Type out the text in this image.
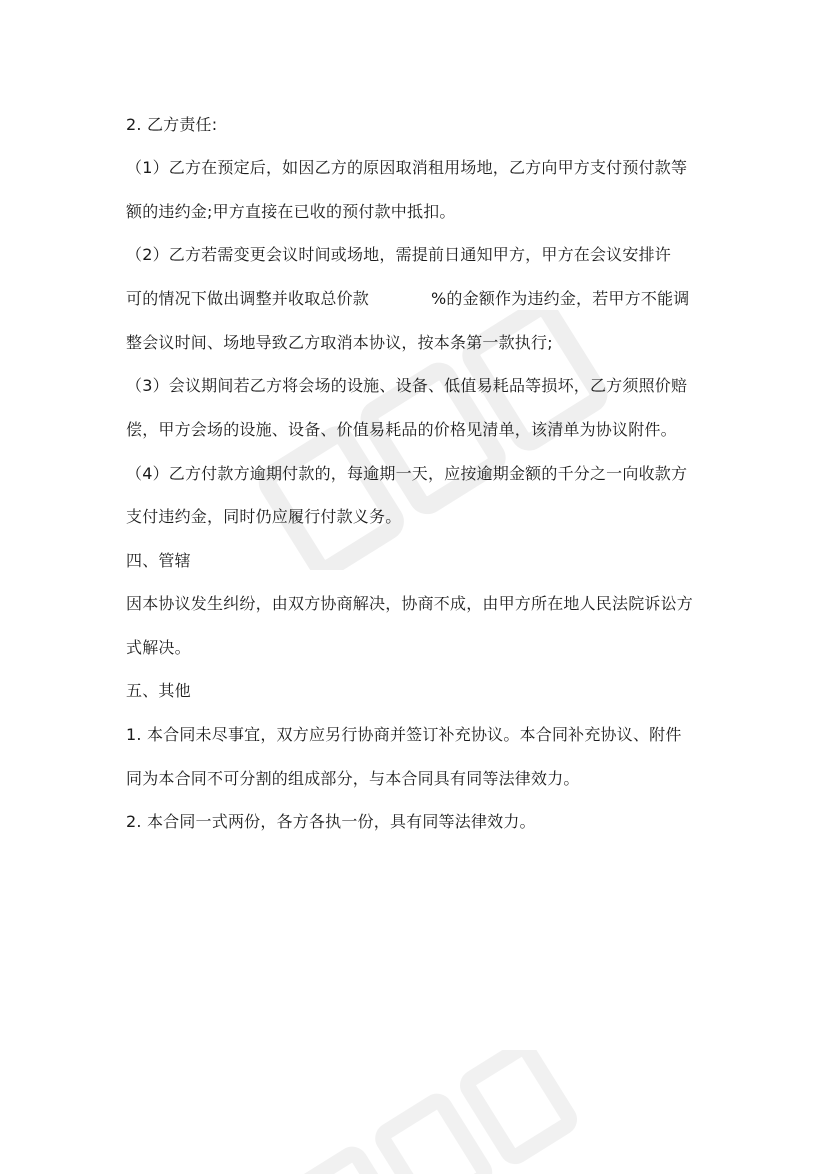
2. 乙方责任:
（1）乙方在预定后，如因乙方的原因取消租用场地，乙方向甲方支付预付款等
额的违约金;甲方直接在已收的预付款中抵扣。
（2）乙方若需变更会议时间或场地，需提前日通知甲方，甲方在会议安排许
可的情况下做出调整并收取总价款	%的金额作为违约金，若甲方不能调
整会议时间、场地导致乙方取消本协议，按本条第一款执行;
（3）会议期间若乙方将会场的设施、设备、低值易耗品等损坏，乙方须照价赔
偿，甲方会场的设施、设备、价值易耗品的价格见清单，该清单为协议附件。
（4）乙方付款方逾期付款的，每逾期一天，应按逾期金额的千分之一向收款方
支付违约金，同时仍应履行付款义务。
四、管辖
因本协议发生纠纷，由双方协商解决，协商不成，由甲方所在地人民法院诉讼方
式解决。
五、其他
1. 本合同未尽事宜，双方应另行协商并签订补充协议。本合同补充协议、附件
同为本合同不可分割的组成部分，与本合同具有同等法律效力。
2. 本合同一式两份，各方各执一份，具有同等法律效力。
